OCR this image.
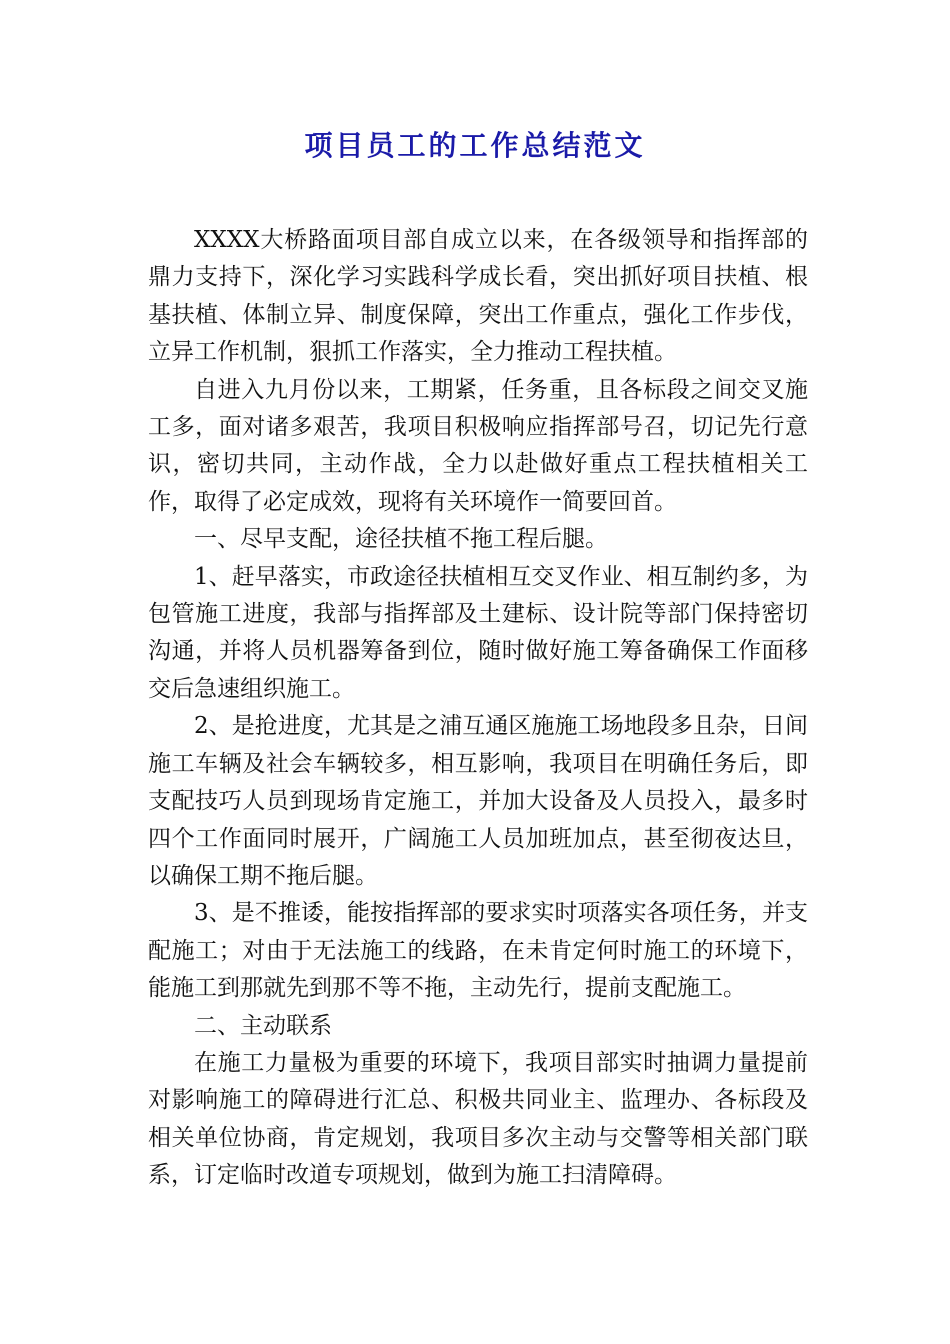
项目员工的工作总结范文

XXXX大桥路面项目部自成立以来，在各级领导和指挥部的鼎力支持下，深化学习实践科学成长看，突出抓好项目扶植、根基扶植、体制立异、制度保障，突出工作重点，强化工作步伐，立异工作机制，狠抓工作落实，全力推动工程扶植。

自进入九月份以来，工期紧，任务重，且各标段之间交叉施工多，面对诸多艰苦，我项目积极响应指挥部号召，切记先行意识，密切共同，主动作战，全力以赴做好重点工程扶植相关工作，取得了必定成效，现将有关环境作一简要回首。

一、尽早支配，途径扶植不拖工程后腿。

1、赶早落实，市政途径扶植相互交叉作业、相互制约多，为包管施工进度，我部与指挥部及土建标、设计院等部门保持密切沟通，并将人员机器筹备到位，随时做好施工筹备确保工作面移交后急速组织施工。

2、是抢进度，尤其是之浦互通区施施工场地段多且杂，日间施工车辆及社会车辆较多，相互影响，我项目在明确任务后，即支配技巧人员到现场肯定施工，并加大设备及人员投入，最多时四个工作面同时展开，广阔施工人员加班加点，甚至彻夜达旦，以确保工期不拖后腿。

3、是不推诿，能按指挥部的要求实时项落实各项任务，并支配施工；对由于无法施工的线路，在未肯定何时施工的环境下，能施工到那就先到那不等不拖，主动先行，提前支配施工。

二、主动联系

在施工力量极为重要的环境下，我项目部实时抽调力量提前对影响施工的障碍进行汇总、积极共同业主、监理办、各标段及相关单位协商，肯定规划，我项目多次主动与交警等相关部门联系，订定临时改道专项规划，做到为施工扫清障碍。
